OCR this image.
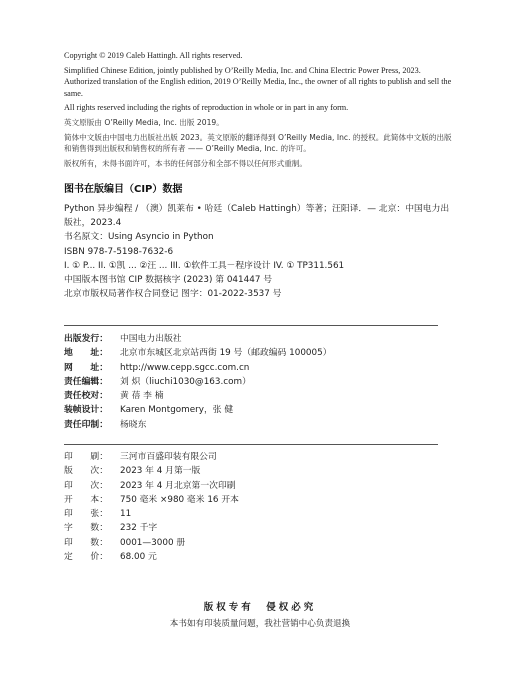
Copyright © 2019 Caleb Hattingh. All rights reserved.

Simplified Chinese Edition, jointly published by O’Reilly Media, Inc. and China Electric Power Press, 2023. Authorized translation of the English edition, 2019 O’Reilly Media, Inc., the owner of all rights to publish and sell the same.

All rights reserved including the rights of reproduction in whole or in part in any form.

英文原版由 O’Reilly Media, Inc. 出版 2019。

简体中文版由中国电力出版社出版 2023。英文原版的翻译得到 O’Reilly Media, Inc. 的授权。此简体中文版的出版和销售得到出版权和销售权的所有者 —— O’Reilly Media, Inc. 的许可。

版权所有，未得书面许可，本书的任何部分和全部不得以任何形式重制。

图书在版编目（CIP）数据
Python 异步编程 / （澳）凯莱布 • 哈廷（Caleb Hattingh）等著；汪阳译．— 北京：中国电力出版社，2023.4
书名原文：Using Asyncio in Python
ISBN 978-7-5198-7632-6
I. ① P... II. ①凯 ... ②汪 ... III. ①软件工具－程序设计 IV. ① TP311.561
中国版本图书馆 CIP 数据核字 (2023) 第 041447 号
北京市版权局著作权合同登记 图字：01-2022-3537 号
出版发行：	中国电力出版社
地　　址：	北京市东城区北京站西街 19 号（邮政编码 100005）
网　　址：	http://www.cepp.sgcc.com.cn
责任编辑：	刘 炽（liuchi1030@163.com）
责任校对：	黄 蓓 李 楠
装帧设计：	Karen Montgomery，张 健
责任印制：	杨晓东
印　　刷：	三河市百盛印装有限公司
版　　次：	2023 年 4 月第一版
印　　次：	2023 年 4 月北京第一次印刷
开　　本：	750 毫米 ×980 毫米 16 开本
印　　张：	11
字　　数：	232 千字
印　　数：	0001—3000 册
定　　价：	68.00 元
版权专有　侵权必究
本书如有印装质量问题，我社营销中心负责退换
